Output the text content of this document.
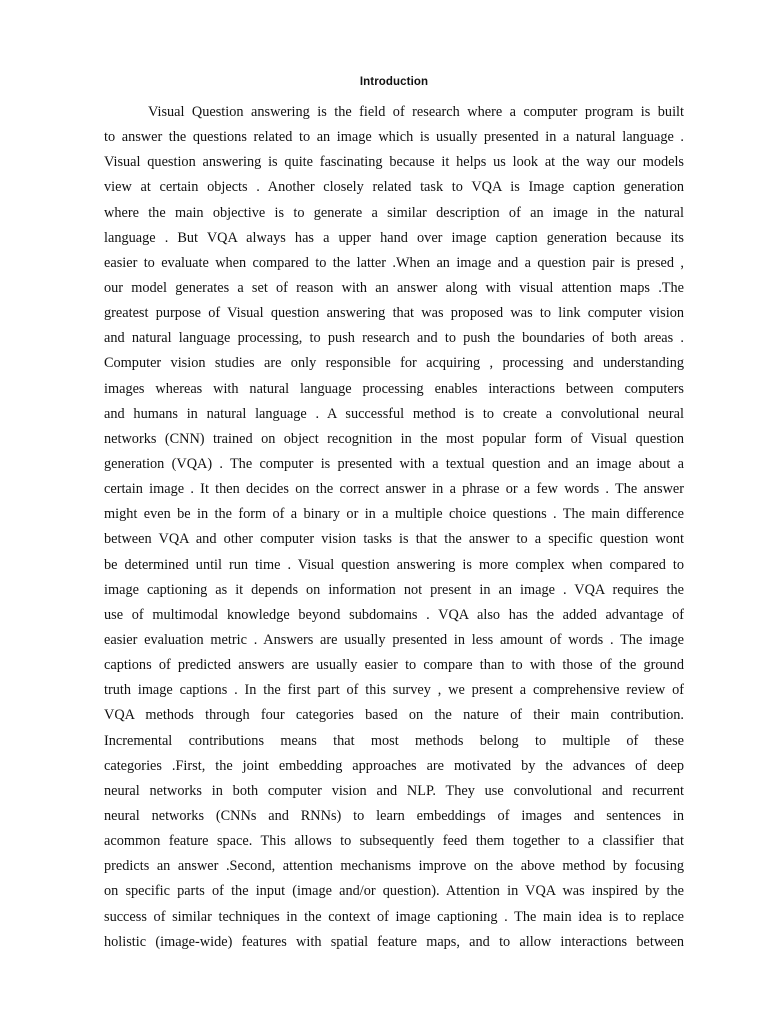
Introduction
Visual Question answering is the field of research where a computer program is built
to answer the questions related to an image which is usually presented in a natural language .
Visual question answering is quite fascinating because it helps us look at the way our models
view at certain objects . Another closely related task to VQA is Image caption generation
where the main objective is to generate a similar description of an image in the natural
language . But VQA always has a upper hand over image caption generation because its
easier to evaluate when compared to the latter .When an image and a question pair is presed ,
our model generates a set of reason with an answer along with visual attention maps .The
greatest purpose of Visual question answering that was proposed was to link computer vision
and natural language processing, to push research and to push the boundaries of both areas .
Computer vision studies are only responsible for acquiring , processing and understanding
images whereas with natural language processing enables interactions between computers
and humans in natural language . A successful method is to create a convolutional neural
networks (CNN) trained on object recognition in the most popular form of Visual question
generation (VQA) . The computer is presented with a textual question and an image about a
certain image . It then decides on the correct answer in a phrase or a few words . The answer
might even be in the form of a binary or in a multiple choice questions . The main difference
between VQA and other computer vision tasks is that the answer to a specific question wont
be determined until run time . Visual question answering is more complex when compared to
image captioning as it depends on information not present in an image . VQA requires the
use of multimodal knowledge beyond subdomains . VQA also has the added advantage of
easier evaluation metric . Answers are usually presented in less amount of words . The image
captions of predicted answers are usually easier to compare than to with those of the ground
truth image captions . In the first part of this survey , we present a comprehensive review of
VQA methods through four categories based on the nature of their main contribution.
Incremental contributions means that most methods belong to multiple of these
categories .First, the joint embedding approaches are motivated by the advances of deep
neural networks in both computer vision and NLP. They use convolutional and recurrent
neural networks (CNNs and RNNs) to learn embeddings of images and sentences in
acommon feature space. This allows to subsequently feed them together to a classifier that
predicts an answer .Second, attention mechanisms improve on the above method by focusing
on specific parts of the input (image and/or question). Attention in VQA was inspired by the
success of similar techniques in the context of image captioning . The main idea is to replace
holistic (image-wide) features with spatial feature maps, and to allow interactions between
